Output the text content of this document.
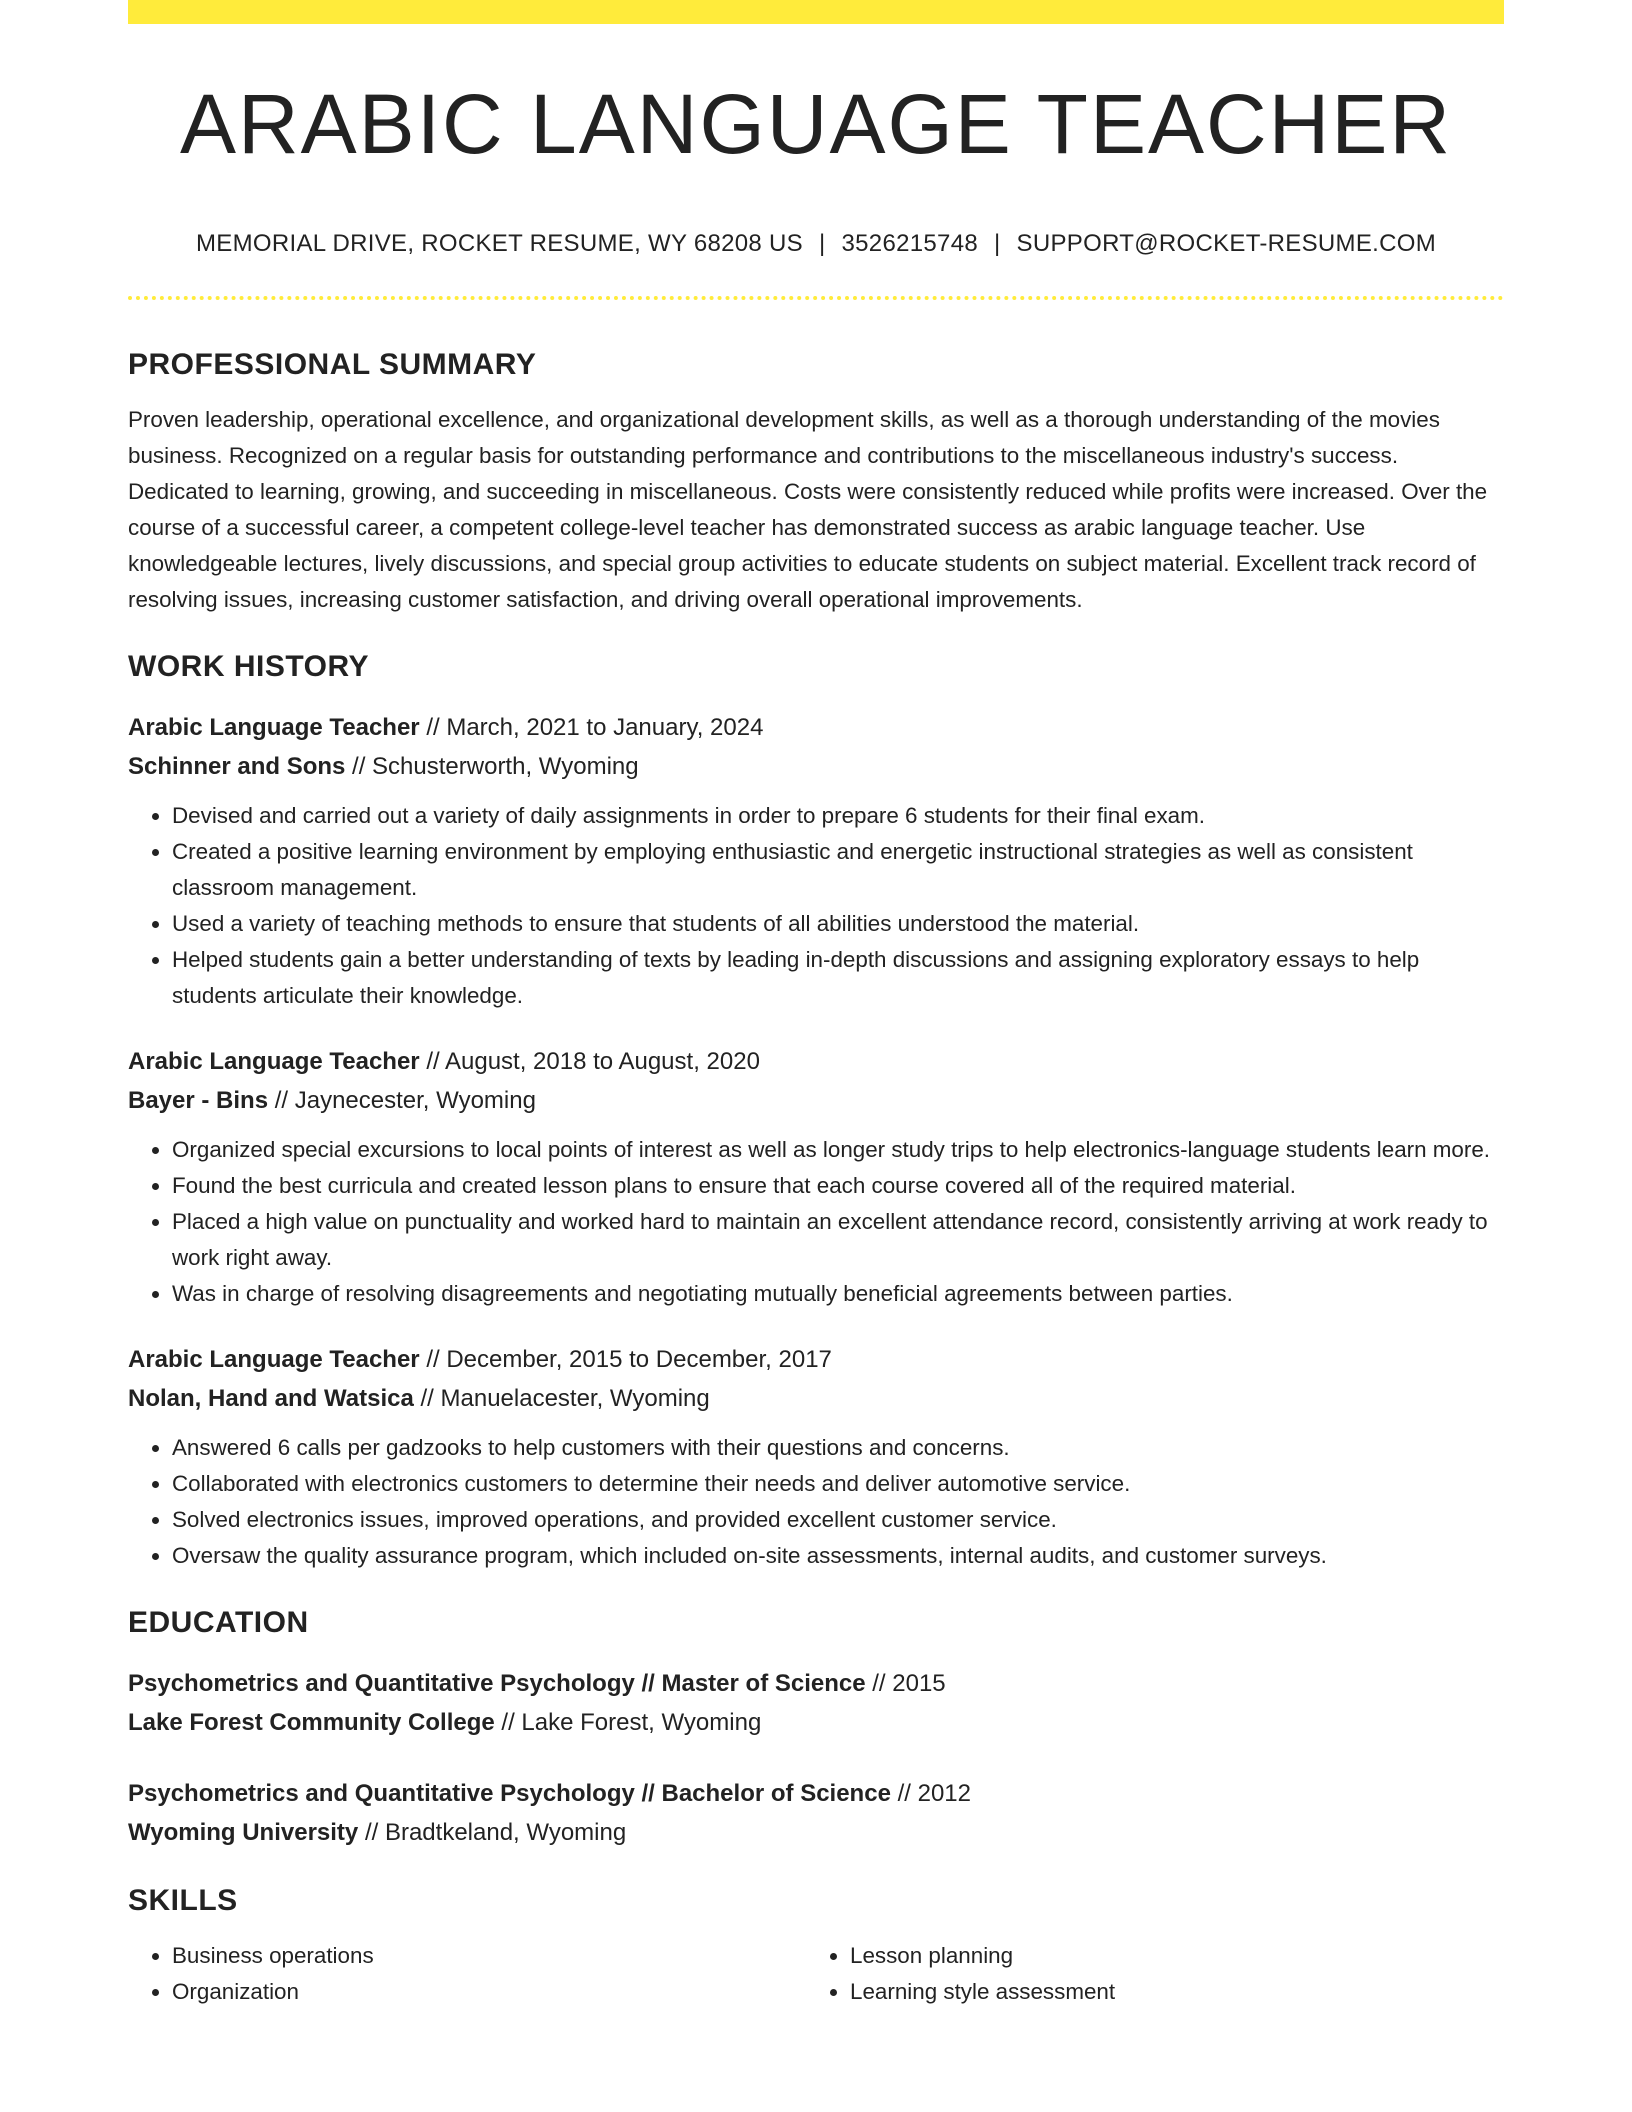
ARABIC LANGUAGE TEACHER
MEMORIAL DRIVE, ROCKET RESUME, WY 68208 US | 3526215748 | SUPPORT@ROCKET-RESUME.COM
PROFESSIONAL SUMMARY
Proven leadership, operational excellence, and organizational development skills, as well as a thorough understanding of the movies business. Recognized on a regular basis for outstanding performance and contributions to the miscellaneous industry's success. Dedicated to learning, growing, and succeeding in miscellaneous. Costs were consistently reduced while profits were increased. Over the course of a successful career, a competent college-level teacher has demonstrated success as arabic language teacher. Use knowledgeable lectures, lively discussions, and special group activities to educate students on subject material. Excellent track record of resolving issues, increasing customer satisfaction, and driving overall operational improvements.
WORK HISTORY
Arabic Language Teacher // March, 2021 to January, 2024
Schinner and Sons // Schusterworth, Wyoming
• Devised and carried out a variety of daily assignments in order to prepare 6 students for their final exam.
• Created a positive learning environment by employing enthusiastic and energetic instructional strategies as well as consistent classroom management.
• Used a variety of teaching methods to ensure that students of all abilities understood the material.
• Helped students gain a better understanding of texts by leading in-depth discussions and assigning exploratory essays to help students articulate their knowledge.
Arabic Language Teacher // August, 2018 to August, 2020
Bayer - Bins // Jaynecester, Wyoming
• Organized special excursions to local points of interest as well as longer study trips to help electronics-language students learn more.
• Found the best curricula and created lesson plans to ensure that each course covered all of the required material.
• Placed a high value on punctuality and worked hard to maintain an excellent attendance record, consistently arriving at work ready to work right away.
• Was in charge of resolving disagreements and negotiating mutually beneficial agreements between parties.
Arabic Language Teacher // December, 2015 to December, 2017
Nolan, Hand and Watsica // Manuelacester, Wyoming
• Answered 6 calls per gadzooks to help customers with their questions and concerns.
• Collaborated with electronics customers to determine their needs and deliver automotive service.
• Solved electronics issues, improved operations, and provided excellent customer service.
• Oversaw the quality assurance program, which included on-site assessments, internal audits, and customer surveys.
EDUCATION
Psychometrics and Quantitative Psychology // Master of Science // 2015
Lake Forest Community College // Lake Forest, Wyoming
Psychometrics and Quantitative Psychology // Bachelor of Science // 2012
Wyoming University // Bradtkeland, Wyoming
SKILLS
• Business operations
• Organization
• Lesson planning
• Learning style assessment
